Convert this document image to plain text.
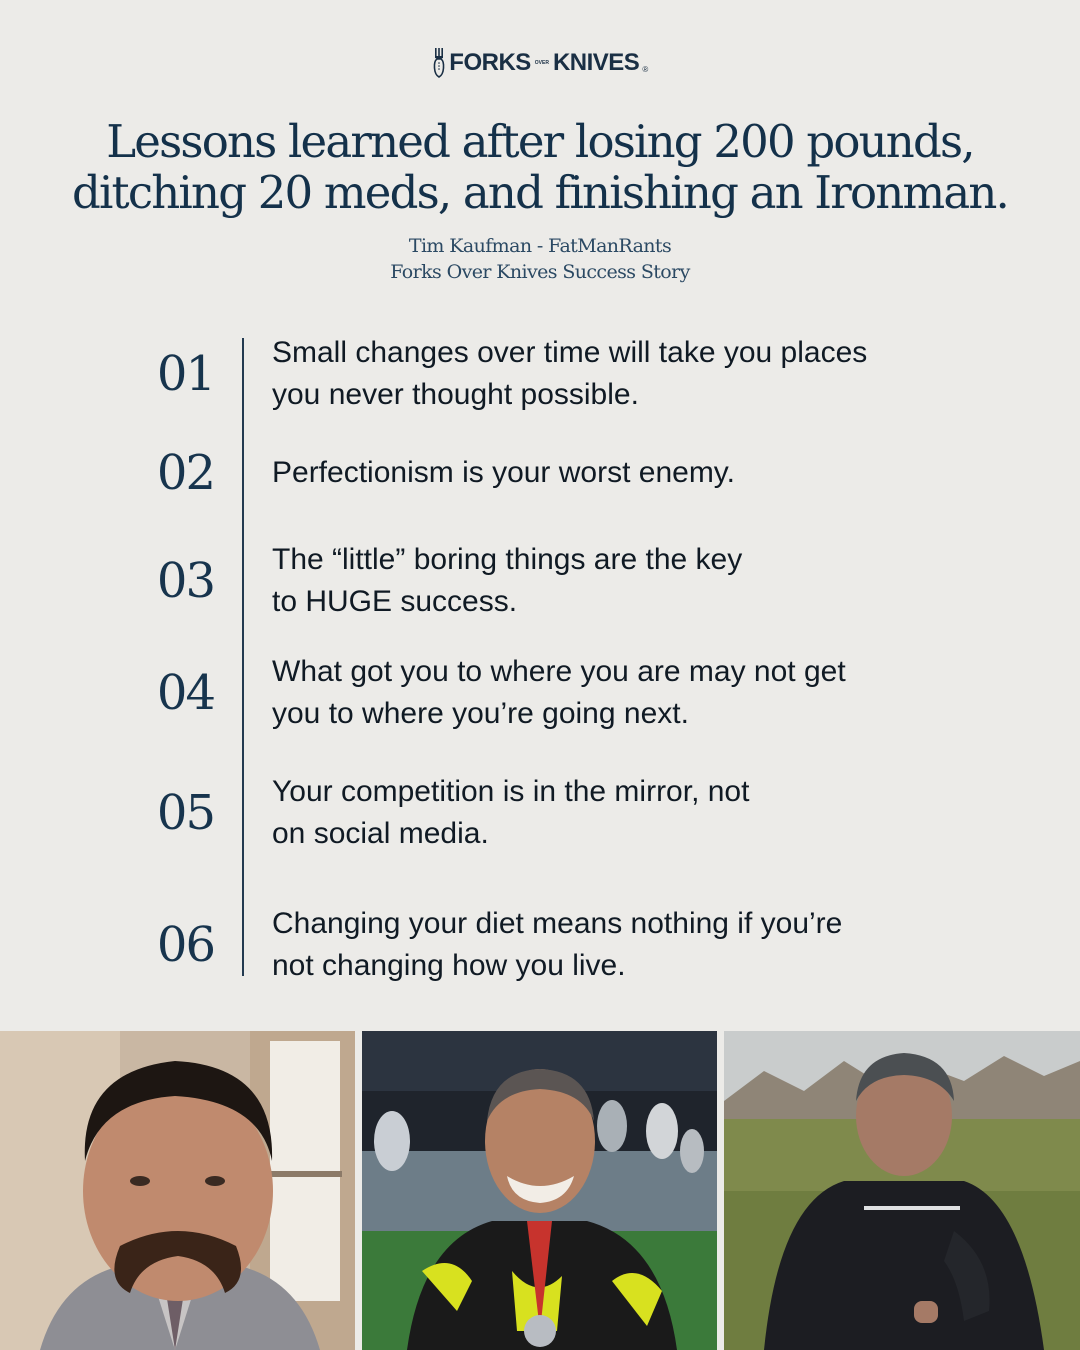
FORKS OVER KNIVES ®
Lessons learned after losing 200 pounds,
ditching 20 meds, and finishing an Ironman.
Tim Kaufman - FatManRants
Forks Over Knives Success Story
01 Small changes over time will take you places
you never thought possible.
02 Perfectionism is your worst enemy.
03 The “little” boring things are the key
to HUGE success.
04 What got you to where you are may not get
you to where you’re going next.
05 Your competition is in the mirror, not
on social media.
06 Changing your diet means nothing if you’re
not changing how you live.
